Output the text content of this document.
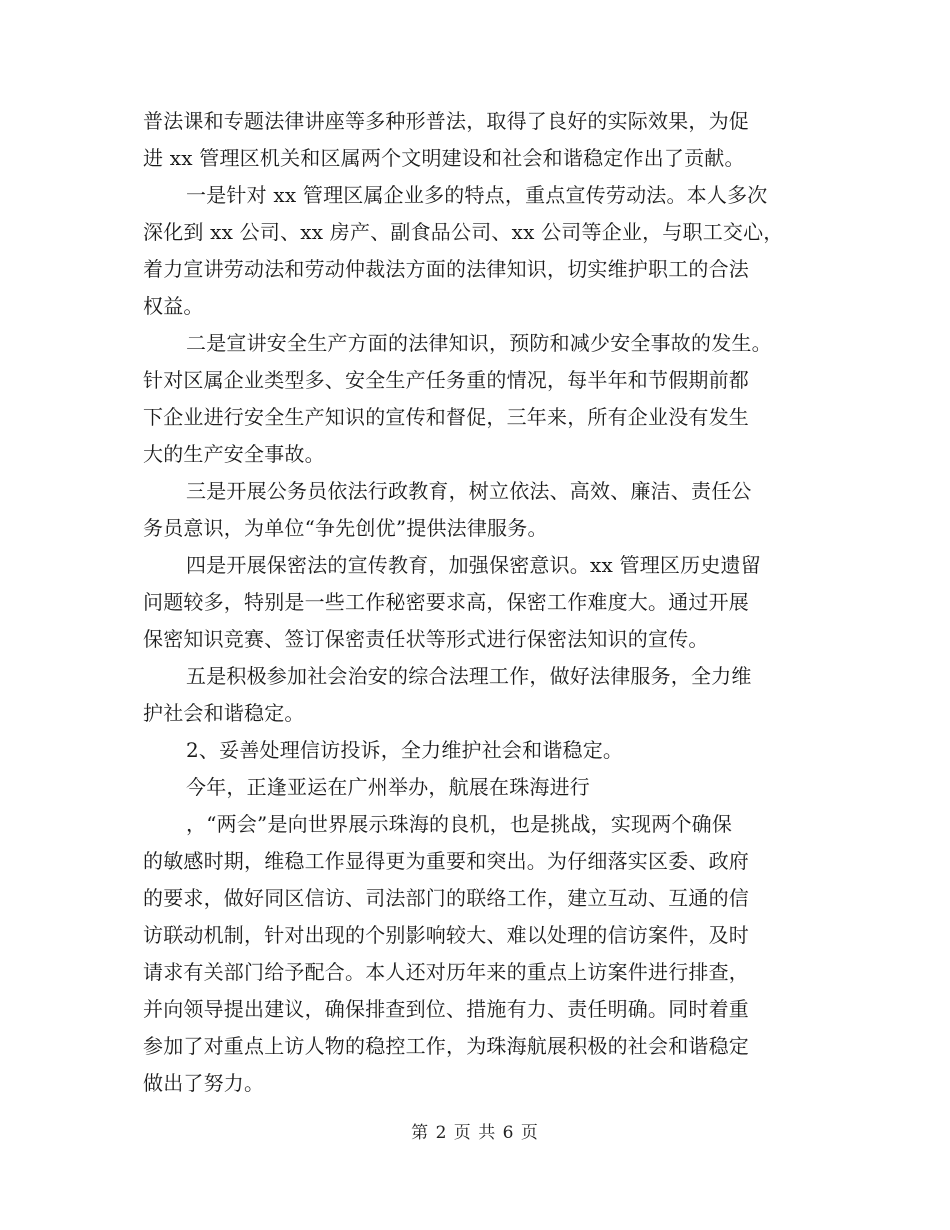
普法课和专题法律讲座等多种形普法，取得了良好的实际效果，为促
进 xx 管理区机关和区属两个文明建设和社会和谐稳定作出了贡献。
一是针对 xx 管理区属企业多的特点，重点宣传劳动法。本人多次
深化到 xx 公司、xx 房产、副食品公司、xx 公司等企业，与职工交心，
着力宣讲劳动法和劳动仲裁法方面的法律知识，切实维护职工的合法
权益。
二是宣讲安全生产方面的法律知识，预防和减少安全事故的发生。
针对区属企业类型多、安全生产任务重的情况，每半年和节假期前都
下企业进行安全生产知识的宣传和督促，三年来，所有企业没有发生
大的生产安全事故。
三是开展公务员依法行政教育，树立依法、高效、廉洁、责任公
务员意识，为单位“争先创优”提供法律服务。
四是开展保密法的宣传教育，加强保密意识。xx 管理区历史遗留
问题较多，特别是一些工作秘密要求高，保密工作难度大。通过开展
保密知识竞赛、签订保密责任状等形式进行保密法知识的宣传。
五是积极参加社会治安的综合法理工作，做好法律服务，全力维
护社会和谐稳定。
2、妥善处理信访投诉，全力维护社会和谐稳定。
今年，正逢亚运在广州举办，航展在珠海进行
，“两会”是向世界展示珠海的良机，也是挑战，实现两个确保
的敏感时期，维稳工作显得更为重要和突出。为仔细落实区委、政府
的要求，做好同区信访、司法部门的联络工作，建立互动、互通的信
访联动机制，针对出现的个别影响较大、难以处理的信访案件，及时
请求有关部门给予配合。本人还对历年来的重点上访案件进行排查，
并向领导提出建议，确保排查到位、措施有力、责任明确。同时着重
参加了对重点上访人物的稳控工作，为珠海航展积极的社会和谐稳定
做出了努力。
第 2 页 共 6 页
